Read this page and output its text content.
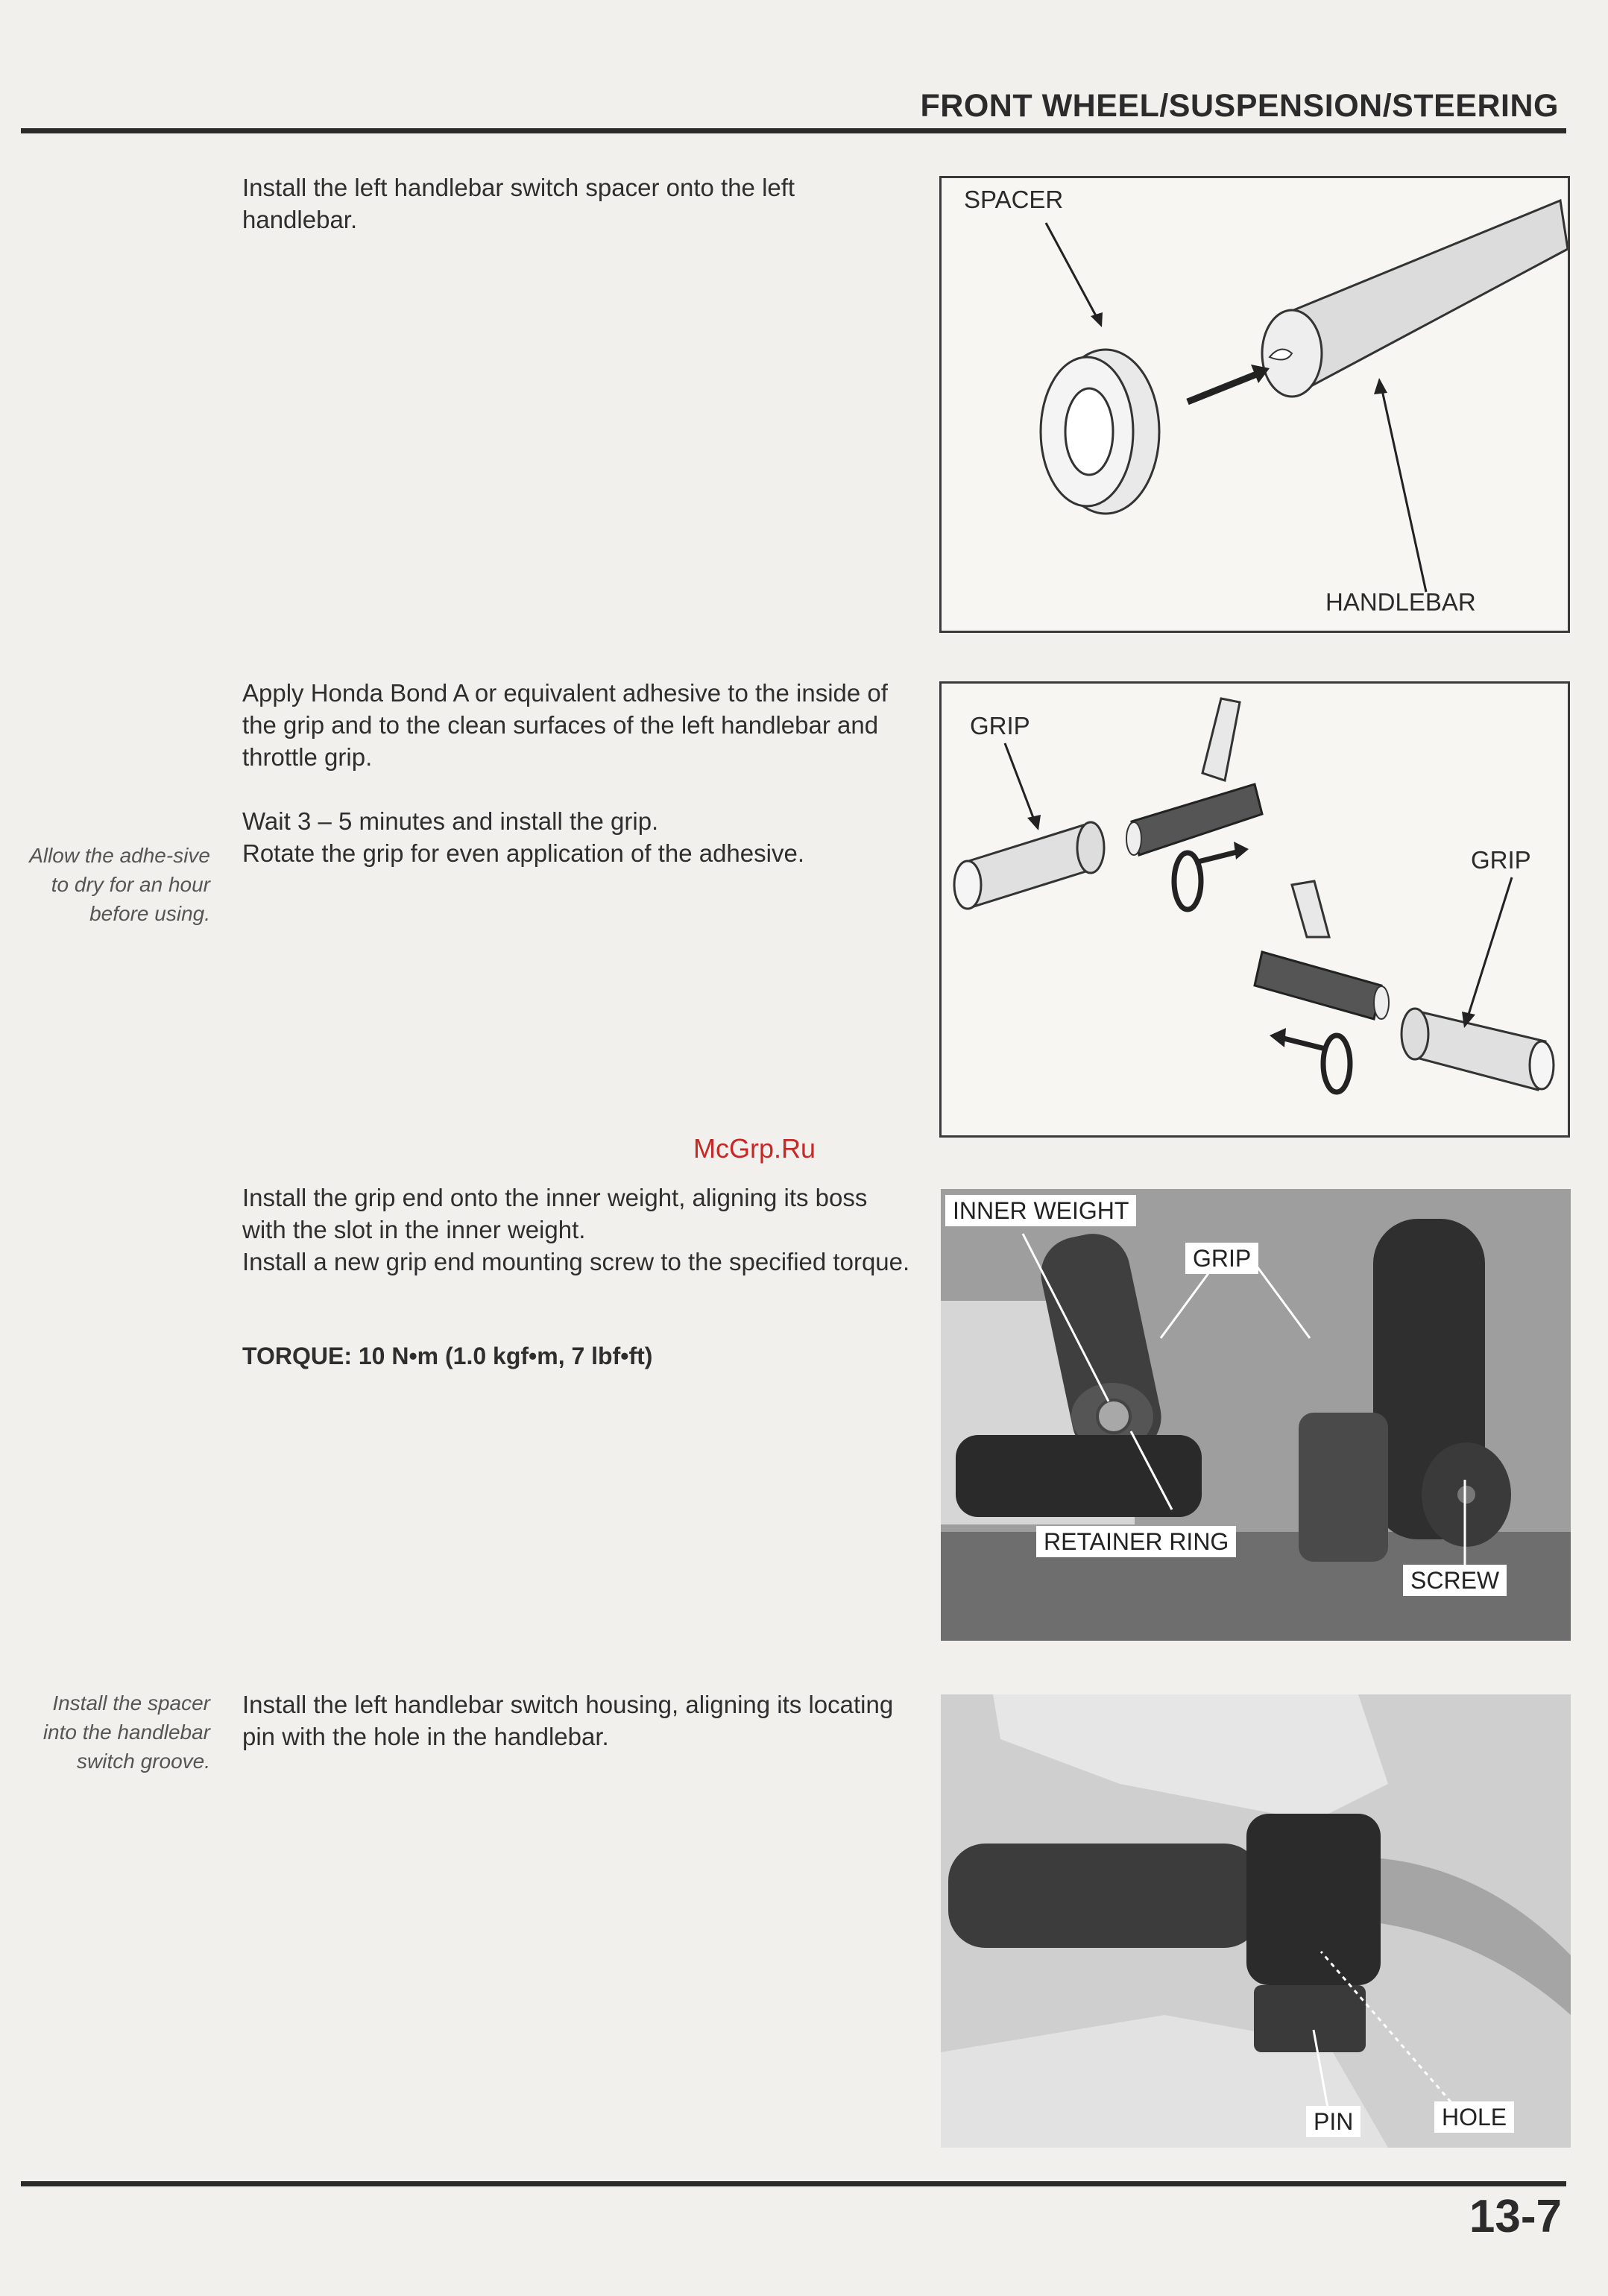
FRONT WHEEL/SUSPENSION/STEERING

Install the left handlebar switch spacer onto the left handlebar.

SPACER
HANDLEBAR

Apply Honda Bond A or equivalent adhesive to the inside of the grip and to the clean surfaces of the left handlebar and throttle grip.

Wait 3 – 5 minutes and install the grip.

Rotate the grip for even application of the adhesive.

Allow the adhe-sive to dry for an hour before using.
GRIP
GRIP
McGrp.Ru

Install the grip end onto the inner weight, aligning its boss with the slot in the inner weight.

Install a new grip end mounting screw to the specified torque.

TORQUE: 10 N•m (1.0 kgf•m, 7 lbf•ft)
INNER WEIGHT
GRIP
RETAINER RING
SCREW
Install the spacer into the handlebar switch groove.

Install the left handlebar switch housing, aligning its locating pin with the hole in the handlebar.

PIN	HOLE
13-7
